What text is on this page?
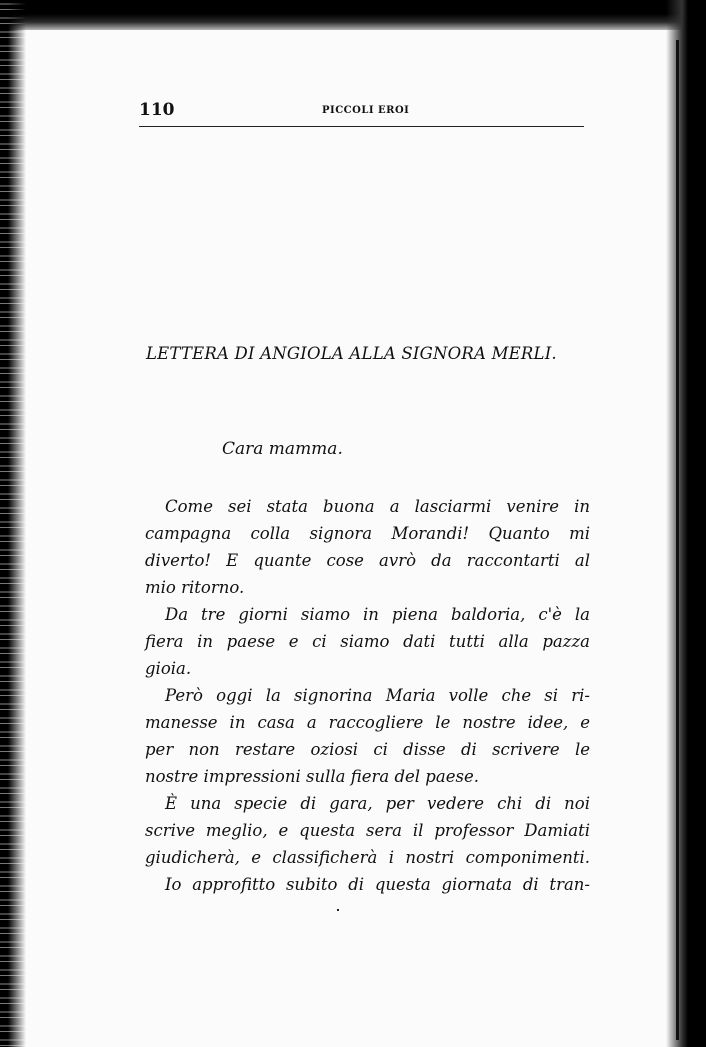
110	PICCOLI EROI
LETTERA DI ANGIOLA ALLA SIGNORA MERLI.
Cara mamma.
Come sei stata buona a lasciarmi venire in
campagna colla signora Morandi! Quanto mi
diverto! E quante cose avrò da raccontarti al
mio ritorno.
Da tre giorni siamo in piena baldoria, c'è la
fiera in paese e ci siamo dati tutti alla pazza
gioia.
Però oggi la signorina Maria volle che si ri-
manesse in casa a raccogliere le nostre idee, e
per non restare oziosi ci disse di scrivere le
nostre impressioni sulla fiera del paese.
È una specie di gara, per vedere chi di noi
scrive meglio, e questa sera il professor Damiati
giudicherà, e classificherà i nostri componimenti.
Io approfitto subito di questa giornata di tran-
